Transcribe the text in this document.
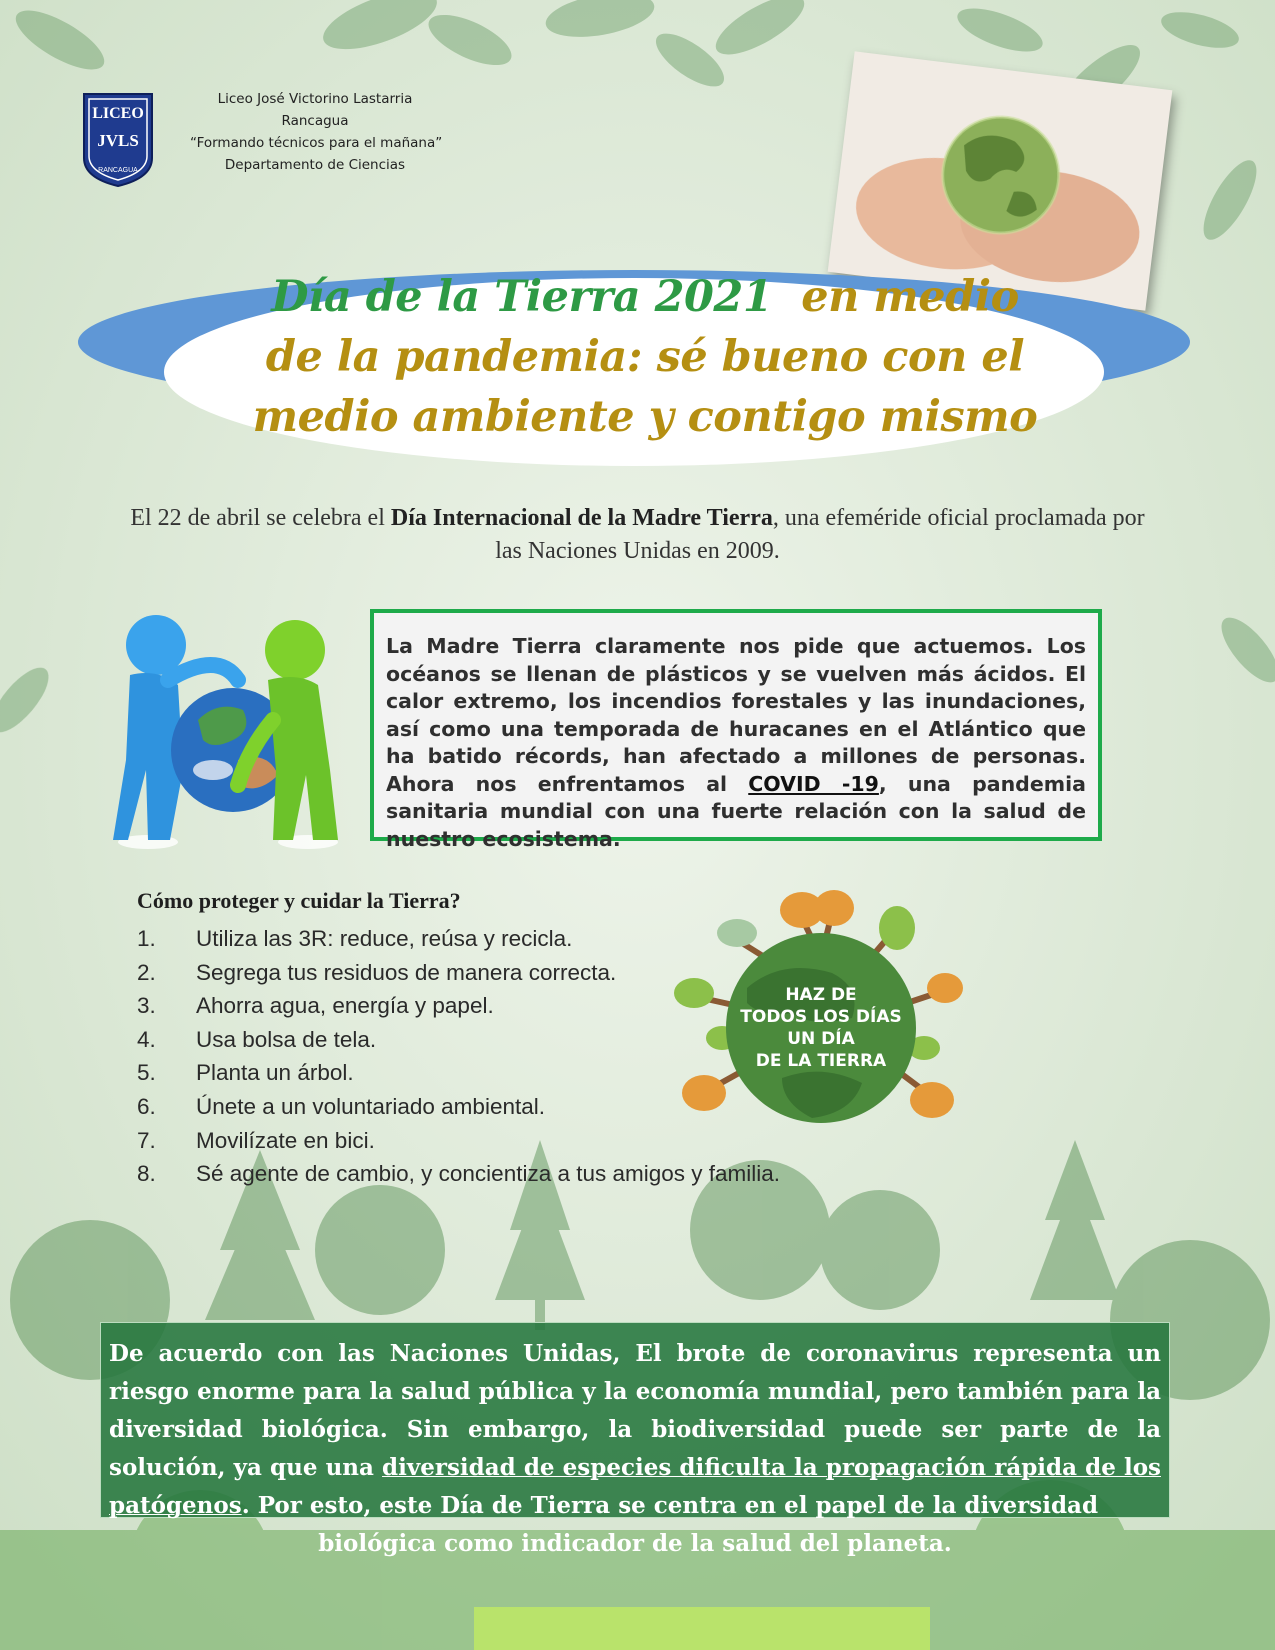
LICEO
JVLS
RANCAGUA
Liceo José Victorino Lastarria
Rancagua
“Formando técnicos para el mañana”
Departamento de Ciencias
Día de la Tierra 2021 en medio
de la pandemia: sé bueno con el
medio ambiente y contigo mismo
El 22 de abril se celebra el Día Internacional de la Madre Tierra, una efeméride oficial proclamada por las Naciones Unidas en 2009.
La Madre Tierra claramente nos pide que actuemos. Los océanos se llenan de plásticos y se vuelven más ácidos. El calor extremo, los incendios forestales y las inundaciones, así como una temporada de huracanes en el Atlántico que ha batido récords, han afectado a millones de personas. Ahora nos enfrentamos al COVID -19, una pandemia sanitaria mundial con una fuerte relación con la salud de nuestro ecosistema.
Cómo proteger y cuidar la Tierra?
1. Utiliza las 3R: reduce, reúsa y recicla.
2. Segrega tus residuos de manera correcta.
3. Ahorra agua, energía y papel.
4. Usa bolsa de tela.
5. Planta un árbol.
6. Únete a un voluntariado ambiental.
7. Movilízate en bici.
8. Sé agente de cambio, y concientiza a tus amigos y familia.
HAZ DE
TODOS LOS DÍAS
UN DÍA
DE LA TIERRA
De acuerdo con las Naciones Unidas, El brote de coronavirus representa un riesgo enorme para la salud pública y la economía mundial, pero también para la diversidad biológica. Sin embargo, la biodiversidad puede ser parte de la solución, ya que una diversidad de especies dificulta la propagación rápida de los patógenos. Por esto, este Día de Tierra se centra en el papel de la diversidad
biológica como indicador de la salud del planeta.
